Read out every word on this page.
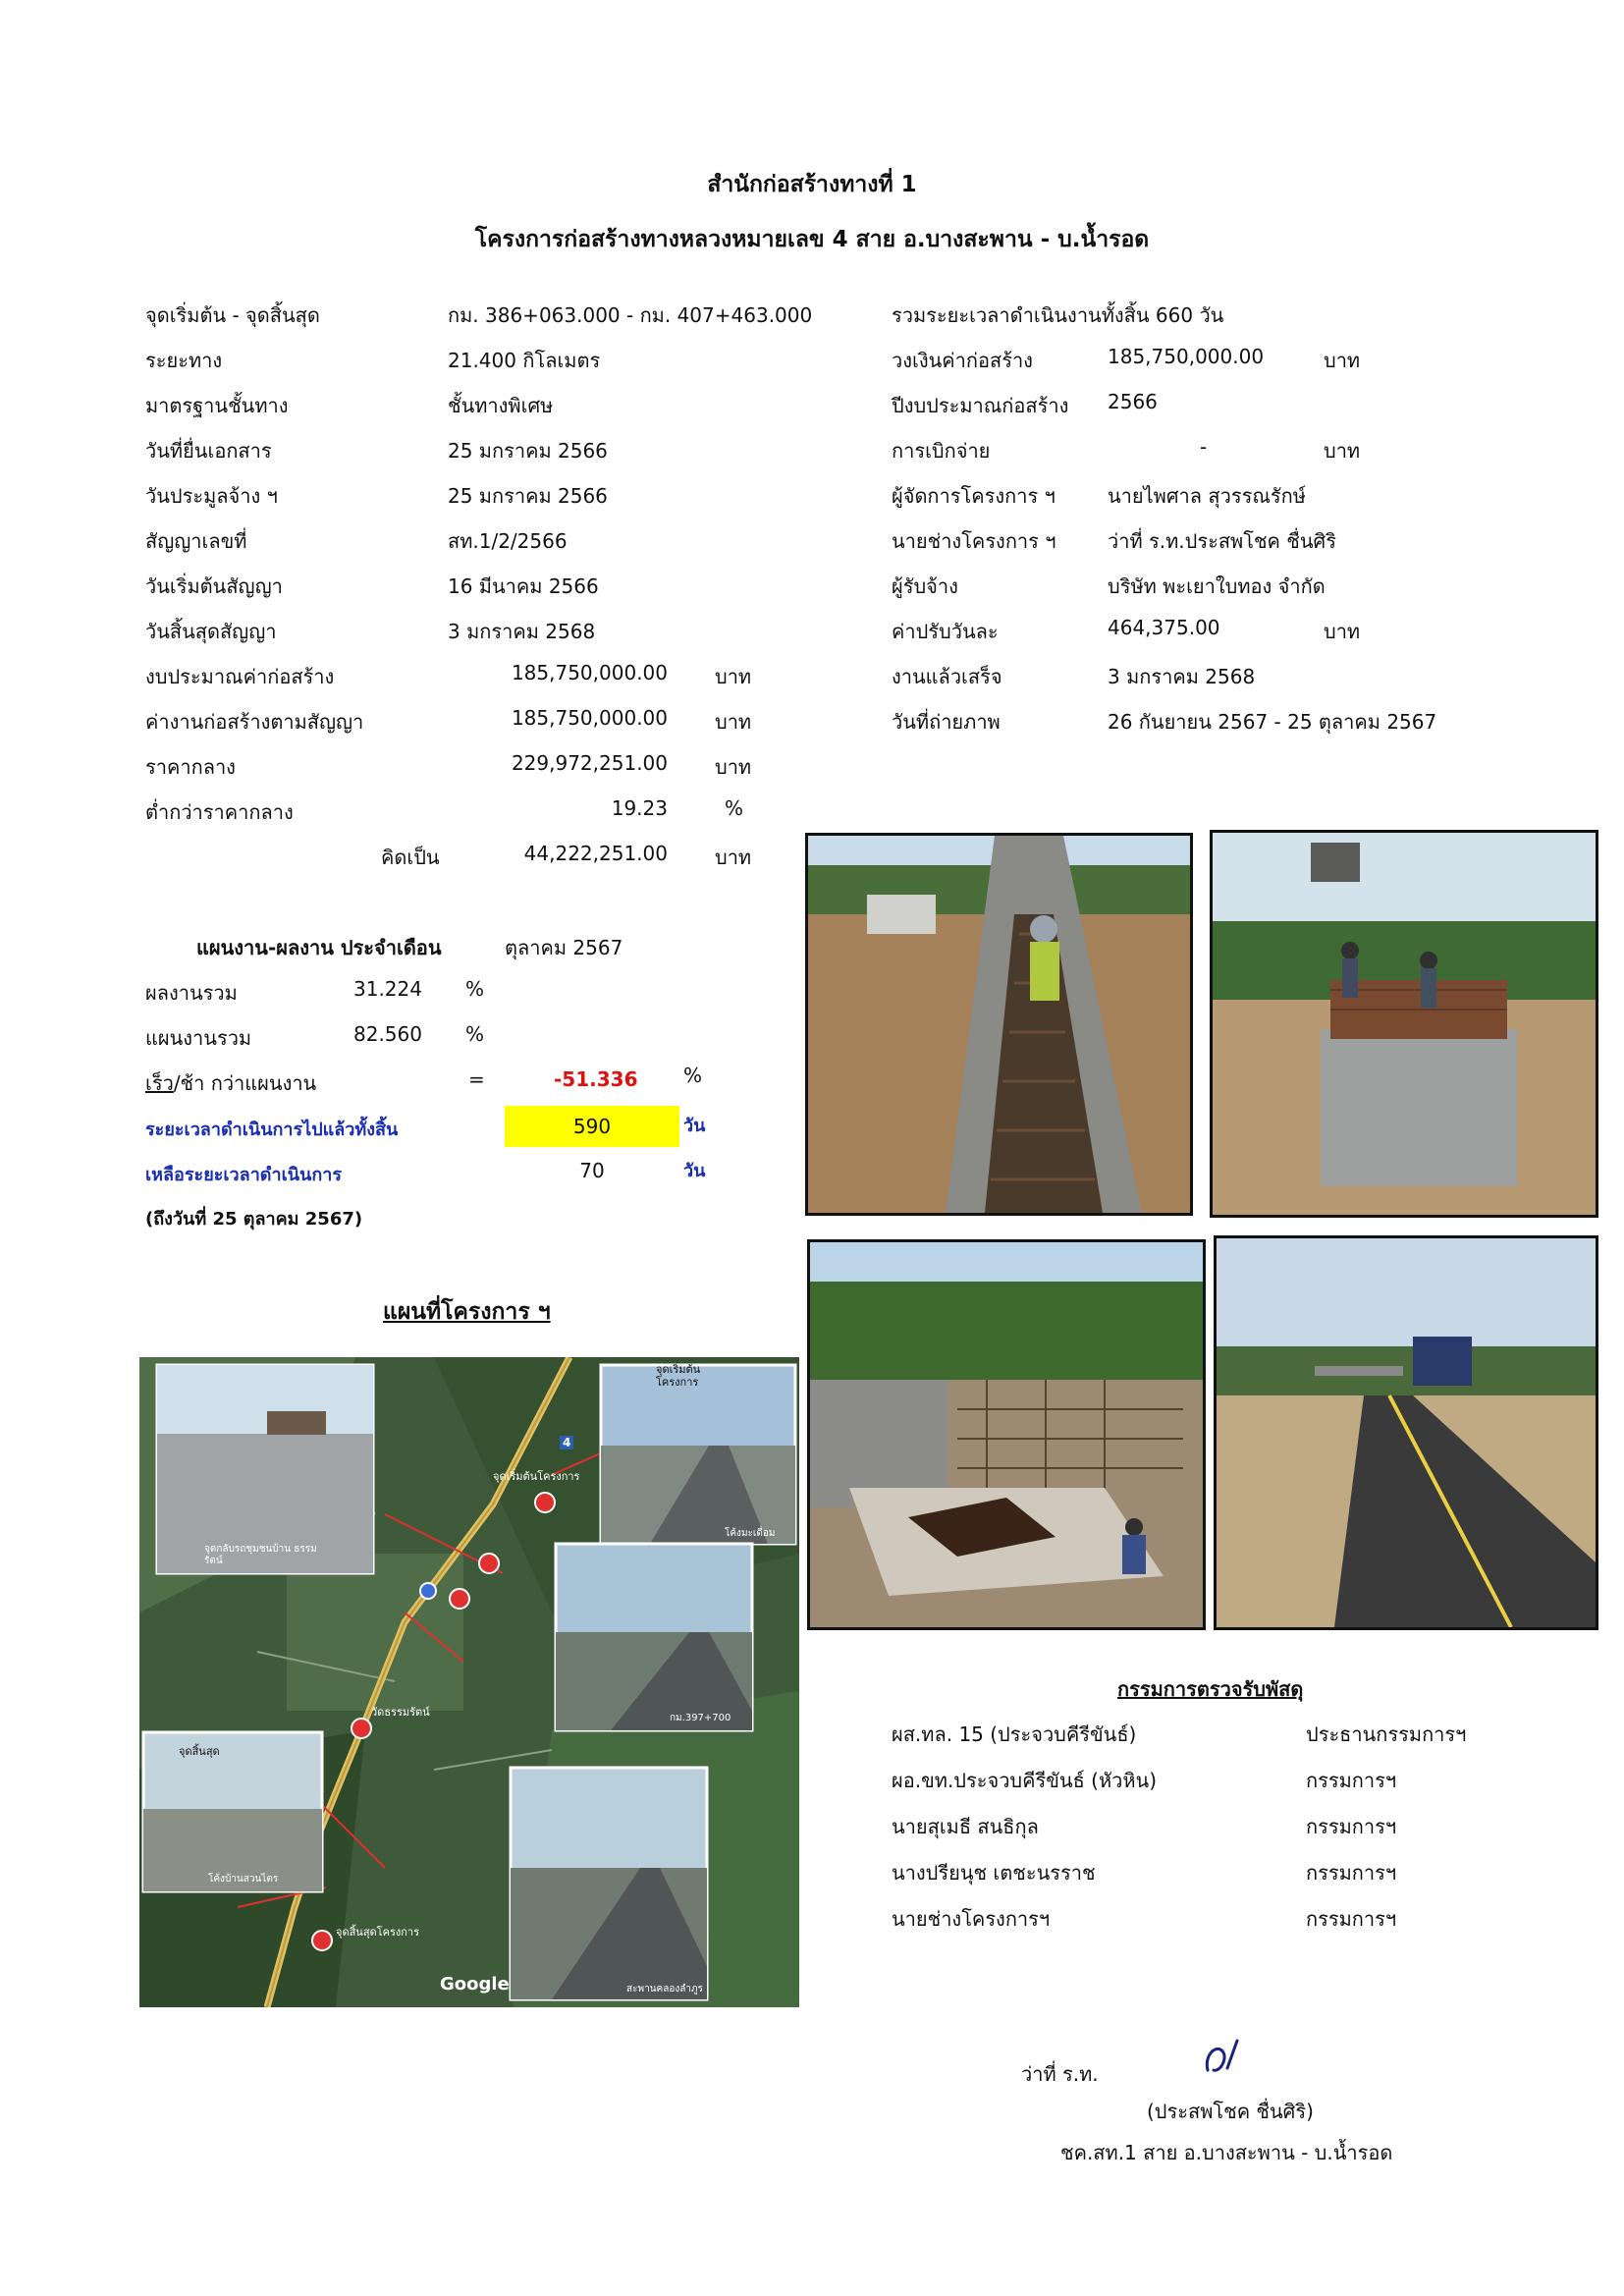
สำนักก่อสร้างทางที่ 1
โครงการก่อสร้างทางหลวงหมายเลข 4 สาย อ.บางสะพาน - บ.น้ำรอด
จุดเริ่มต้น - จุดสิ้นสุด	กม. 386+063.000 - กม. 407+463.000
ระยะทาง	21.400 กิโลเมตร
มาตรฐานชั้นทาง	ชั้นทางพิเศษ
วันที่ยื่นเอกสาร	25 มกราคม 2566
วันประมูลจ้าง ฯ	25 มกราคม 2566
สัญญาเลขที่	สท.1/2/2566
วันเริ่มต้นสัญญา	16 มีนาคม 2566
วันสิ้นสุดสัญญา	3 มกราคม 2568
งบประมาณค่าก่อสร้าง	185,750,000.00 บาท
ค่างานก่อสร้างตามสัญญา	185,750,000.00 บาท
ราคากลาง	229,972,251.00 บาท
ต่ำกว่าราคากลาง	19.23	%
คิดเป็น	44,222,251.00 บาท
รวมระยะเวลาดำเนินงานทั้งสิ้น 660 วัน
วงเงินค่าก่อสร้าง	185,750,000.00	บาท
ปีงบประมาณก่อสร้าง 2566
การเบิกจ่าย	-	บาท
ผู้จัดการโครงการ ฯ	นายไพศาล สุวรรณรักษ์
นายช่างโครงการ ฯ	ว่าที่ ร.ท.ประสพโชค ชื่นศิริ
ผู้รับจ้าง	บริษัท พะเยาใบทอง จำกัด
ค่าปรับวันละ	464,375.00	บาท
งานแล้วเสร็จ	3 มกราคม 2568
วันที่ถ่ายภาพ	26 กันยายน 2567 - 25 ตุลาคม 2567
แผนงาน-ผลงาน ประจำเดือน	ตุลาคม 2567
ผลงานรวม	31.224 %
แผนงานรวม	82.560 %
เร็ว/ช้า กว่าแผนงาน	=	-51.336 %
ระยะเวลาดำเนินการไปแล้วทั้งสิ้น	590	วัน
เหลือระยะเวลาดำเนินการ	70	วัน
(ถึงวันที่ 25 ตุลาคม 2567)
แผนที่โครงการ ฯ
จุดเริ่มต้น โครงการ
จุดเริ่มต้นโครงการ
จุดกลับรถชุมชนบ้าน ธรรมรัตน์
โค้งมะเดื่อม
กม.397+700
วัดธรรมรัตน์
จุดสิ้นสุด
โค้งบ้านสวนไตร
จุดสิ้นสุดโครงการ
สะพานคลองลำภูร
Google
4
กรรมการตรวจรับพัสดุ
ผส.ทล. 15 (ประจวบคีรีขันธ์)	ประธานกรรมการฯ
ผอ.ขท.ประจวบคีรีขันธ์ (หัวหิน)	กรรมการฯ
นายสุเมธี สนธิกุล	กรรมการฯ
นางปรียนุช เตชะนรราช	กรรมการฯ
นายช่างโครงการฯ	กรรมการฯ
ว่าที่ ร.ท.
(ประสพโชค ชื่นศิริ)
ชค.สท.1 สาย อ.บางสะพาน - บ.น้ำรอด
